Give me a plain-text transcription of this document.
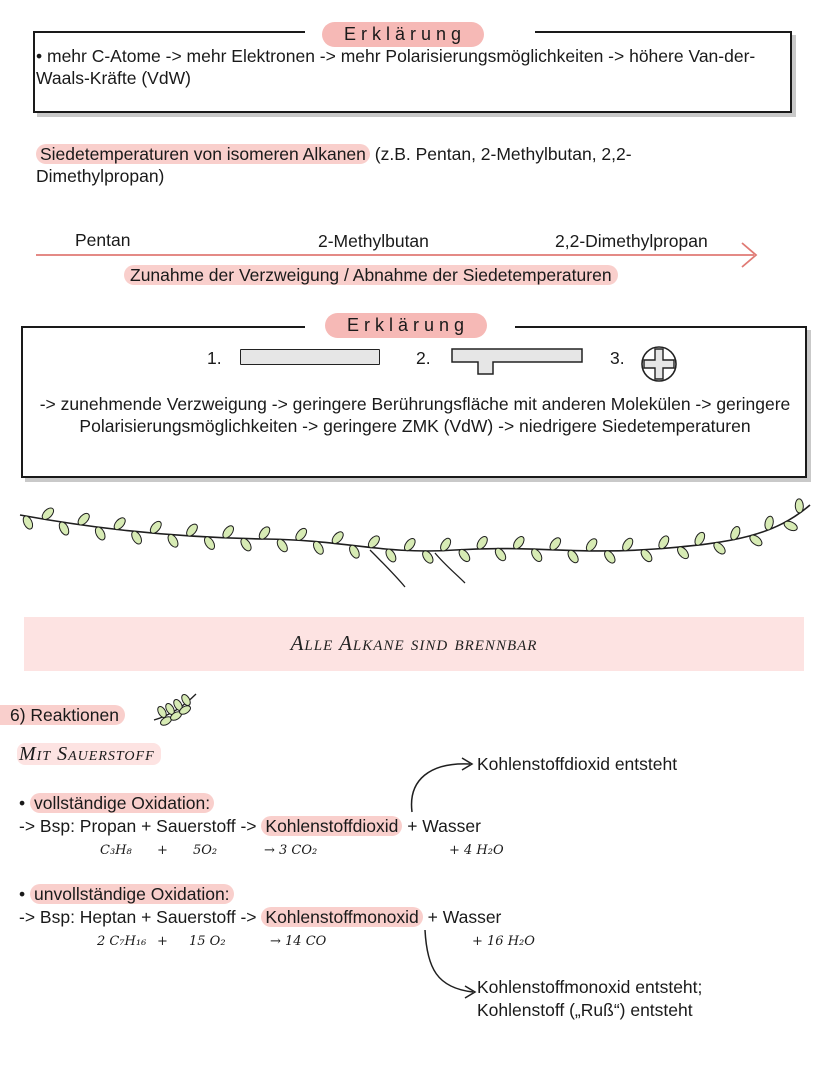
Erklärung
• mehr C-Atome -> mehr Elektronen -> mehr Polarisierungsmöglichkeiten -> höhere Van-der-Waals-Kräfte (VdW)
Siedetemperaturen von isomeren Alkanen (z.B. Pentan, 2-Methylbutan, 2,2-Dimethylpropan)
Pentan	2-Methylbutan	2,2-Dimethylpropan
Zunahme der Verzweigung / Abnahme der Siedetemperaturen
Erklärung
1.	2.	3.
-> zunehmende Verzweigung -> geringere Berührungsfläche mit anderen Molekülen -> geringere Polarisierungsmöglichkeiten -> geringere ZMK (VdW) -> niedrigere Siedetemperaturen
Alle Alkane sind brennbar
6) Reaktionen
Mit Sauerstoff
• vollständige Oxidation:
-> Bsp: Propan + Sauerstoff -> Kohlenstoffdioxid + Wasser
C₃H₈ + 5O₂	→ 3 CO₂	+ 4 H₂O
Kohlenstoffdioxid entsteht
• unvollständige Oxidation:
-> Bsp: Heptan + Sauerstoff -> Kohlenstoffmonoxid + Wasser
2 C₇H₁₆ + 15 O₂	→ 14 CO	+ 16 H₂O
Kohlenstoffmonoxid entsteht;
Kohlenstoff („Ruß“) entsteht
